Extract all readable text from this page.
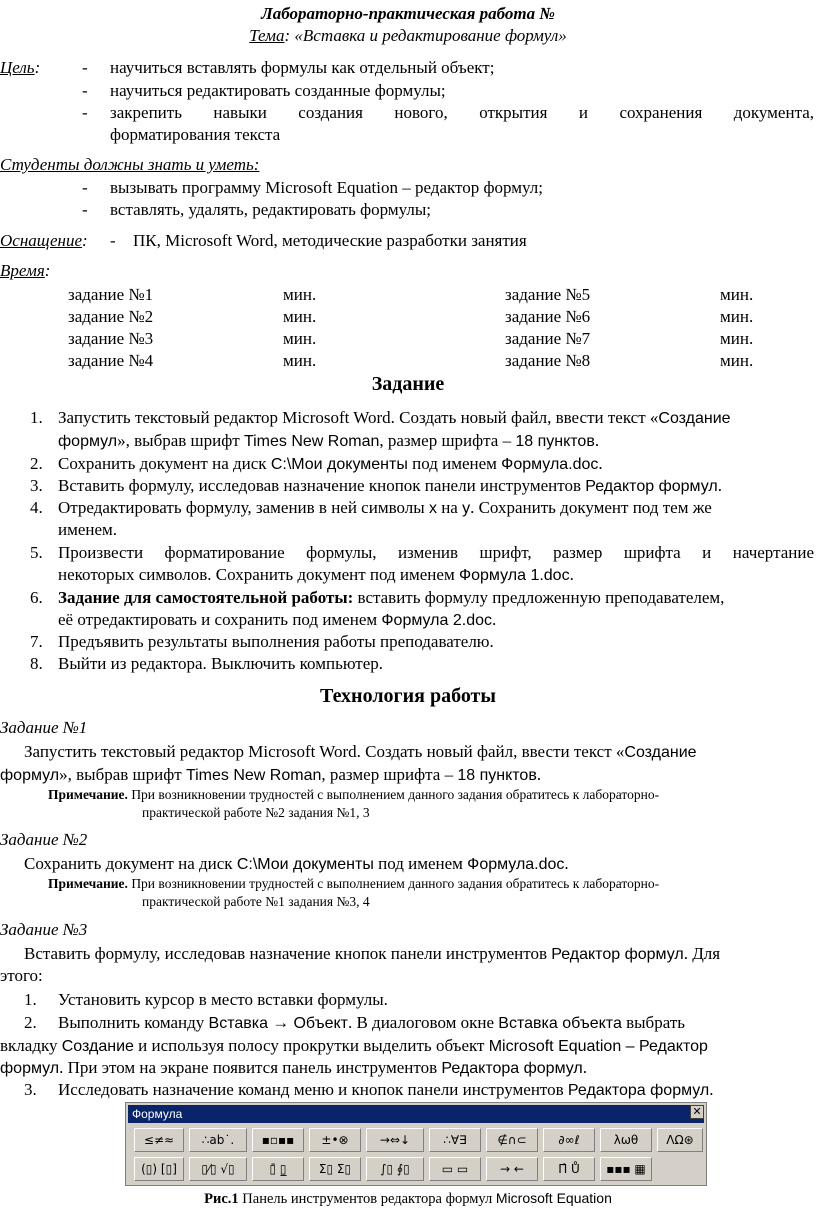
Лабораторно-практическая работа №
Тема: «Вставка и редактирование формул»
Цель: - научиться вставлять формулы как отдельный объект;
- научиться редактировать созданные формулы;
- закрепить навыки создания нового, открытия и сохранения документа,
форматирования текста
Студенты должны знать и уметь:
- вызывать программу Microsoft Equation – редактор формул;
- вставлять, удалять, редактировать формулы;
Оснащение: - ПК, Microsoft Word, методические разработки занятия
Время:
задание №1	мин.	задание №5	мин.
задание №2	мин.	задание №6	мин.
задание №3	мин.	задание №7	мин.
задание №4	мин.	задание №8	мин.
Задание
1. Запустить текстовый редактор Microsoft Word. Создать новый файл, ввести текст «Создание
формул», выбрав шрифт Times New Roman, размер шрифта – 18 пунктов.
2. Сохранить документ на диск C:\Мои документы под именем Формула.doc.
3. Вставить формулу, исследовав назначение кнопок панели инструментов Редактор формул.
4. Отредактировать формулу, заменив в ней символы x на y. Сохранить документ под тем же
именем.
5. Произвести форматирование формулы, изменив шрифт, размер шрифта и начертание
некоторых символов. Сохранить документ под именем Формула 1.doc.
6. Задание для самостоятельной работы: вставить формулу предложенную преподавателем,
её отредактировать и сохранить под именем Формула 2.doc.
7. Предъявить результаты выполнения работы преподавателю.
8. Выйти из редактора. Выключить компьютер.
Технология работы
Задание №1
Запустить текстовый редактор Microsoft Word. Создать новый файл, ввести текст «Создание
формул», выбрав шрифт Times New Roman, размер шрифта – 18 пунктов.
Примечание. При возникновении трудностей с выполнением данного задания обратитесь к лабораторно-
практической работе №2 задания №1, 3
Задание №2
Сохранить документ на диск C:\Мои документы под именем Формула.doc.
Примечание. При возникновении трудностей с выполнением данного задания обратитесь к лабораторно-
практической работе №1 задания №3, 4
Задание №3
Вставить формулу, исследовав назначение кнопок панели инструментов Редактор формул. Для
этого:
1. Установить курсор в место вставки формулы.
2. Выполнить команду Вставка → Объект. В диалоговом окне Вставка объекта выбрать
вкладку Создание и используя полосу прокрутки выделить объект Microsoft Equation – Редактор
формул. При этом на экране появится панель инструментов Редактора формул.
3. Исследовать назначение команд меню и кнопок панели инструментов Редактора формул.
Формула	✕
≤≠≈	∴ab˙.	▪▫▪▪	±•⊗	→⇔↓	∴∀∃	∉∩⊂	∂∞ℓ	λωθ	ΛΩ⊛
(▯) [▯]	▯⁄▯ √▯	▯̄ ▯̲	Σ▯ Σ▯	∫▯ ∮▯	▭ ▭	→ ←	Π̂ Ů	▪▪▪ ▦
Рис.1 Панель инструментов редактора формул Microsoft Equation
